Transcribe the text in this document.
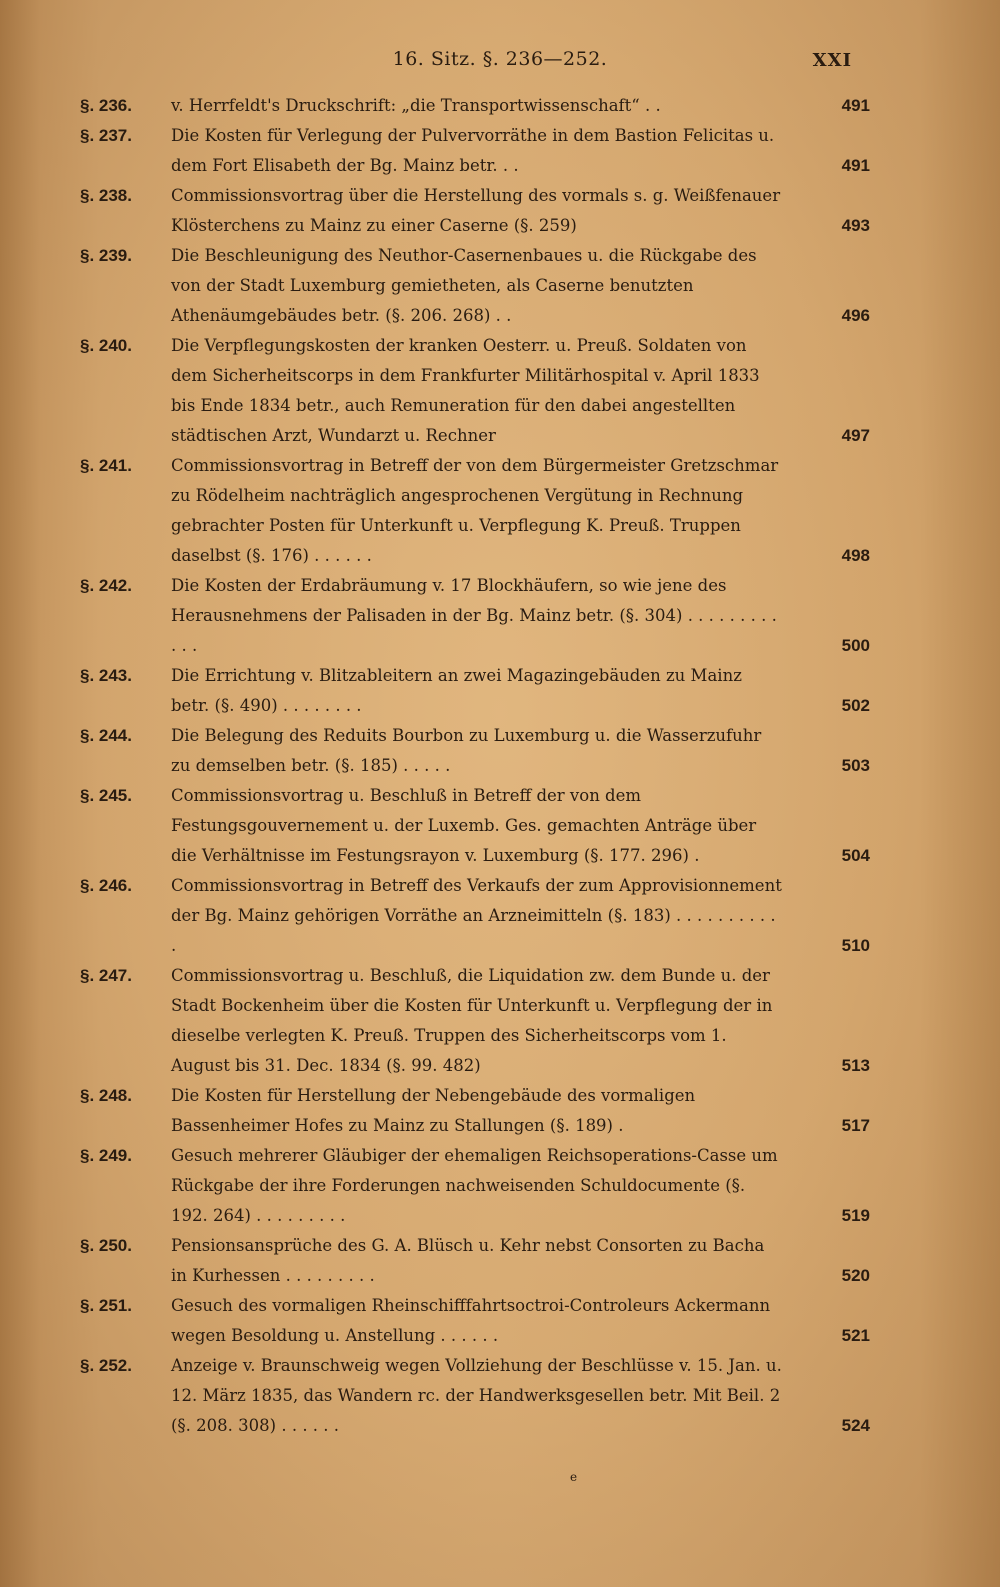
16. Sitz. §. 236—252.	XXI
§. 236.	v. Herrfeldt's Druckschrift: „die Transportwissenschaft“ . .	491
§. 237.	Die Kosten für Verlegung der Pulvervorräthe in dem Bastion Felicitas u. dem Fort Elisabeth der Bg. Mainz betr. . .	491
§. 238.	Commissionsvortrag über die Herstellung des vormals s. g. Weißfenauer Klösterchens zu Mainz zu einer Caserne (§. 259)	493
§. 239.	Die Beschleunigung des Neuthor-Casernenbaues u. die Rückgabe des von der Stadt Luxemburg gemietheten, als Caserne benutzten Athenäumgebäudes betr. (§. 206. 268) . .	496
§. 240.	Die Verpflegungskosten der kranken Oesterr. u. Preuß. Soldaten von dem Sicherheitscorps in dem Frankfurter Militärhospital v. April 1833 bis Ende 1834 betr., auch Remuneration für den dabei angestellten städtischen Arzt, Wundarzt u. Rechner	497
§. 241.	Commissionsvortrag in Betreff der von dem Bürgermeister Gretzschmar zu Rödelheim nachträglich angesprochenen Vergütung in Rechnung gebrachter Posten für Unterkunft u. Verpflegung K. Preuß. Truppen daselbst (§. 176) . . . . . .	498
§. 242.	Die Kosten der Erdabräumung v. 17 Blockhäufern, so wie jene des Herausnehmens der Palisaden in der Bg. Mainz betr. (§. 304) . . . . . . . . . . . .	500
§. 243.	Die Errichtung v. Blitzableitern an zwei Magazingebäuden zu Mainz betr. (§. 490) . . . . . . . .	502
§. 244.	Die Belegung des Reduits Bourbon zu Luxemburg u. die Wasserzufuhr zu demselben betr. (§. 185) . . . . .	503
§. 245.	Commissionsvortrag u. Beschluß in Betreff der von dem Festungsgouvernement u. der Luxemb. Ges. gemachten Anträge über die Verhältnisse im Festungsrayon v. Luxemburg (§. 177. 296) .	504
§. 246.	Commissionsvortrag in Betreff des Verkaufs der zum Approvisionnement der Bg. Mainz gehörigen Vorräthe an Arzneimitteln (§. 183) . . . . . . . . . . .	510
§. 247.	Commissionsvortrag u. Beschluß, die Liquidation zw. dem Bunde u. der Stadt Bockenheim über die Kosten für Unterkunft u. Verpflegung der in dieselbe verlegten K. Preuß. Truppen des Sicherheitscorps vom 1. August bis 31. Dec. 1834 (§. 99. 482)	513
§. 248.	Die Kosten für Herstellung der Nebengebäude des vormaligen Bassenheimer Hofes zu Mainz zu Stallungen (§. 189) .	517
§. 249.	Gesuch mehrerer Gläubiger der ehemaligen Reichsoperations-Casse um Rückgabe der ihre Forderungen nachweisenden Schuldocumente (§. 192. 264) . . . . . . . . .	519
§. 250.	Pensionsansprüche des G. A. Blüsch u. Kehr nebst Consorten zu Bacha in Kurhessen . . . . . . . . .	520
§. 251.	Gesuch des vormaligen Rheinschifffahrtsoctroi-Controleurs Ackermann wegen Besoldung u. Anstellung . . . . . .	521
§. 252.	Anzeige v. Braunschweig wegen Vollziehung der Beschlüsse v. 15. Jan. u. 12. März 1835, das Wandern rc. der Handwerksgesellen betr. Mit Beil. 2 (§. 208. 308) . . . . . .	524
e
